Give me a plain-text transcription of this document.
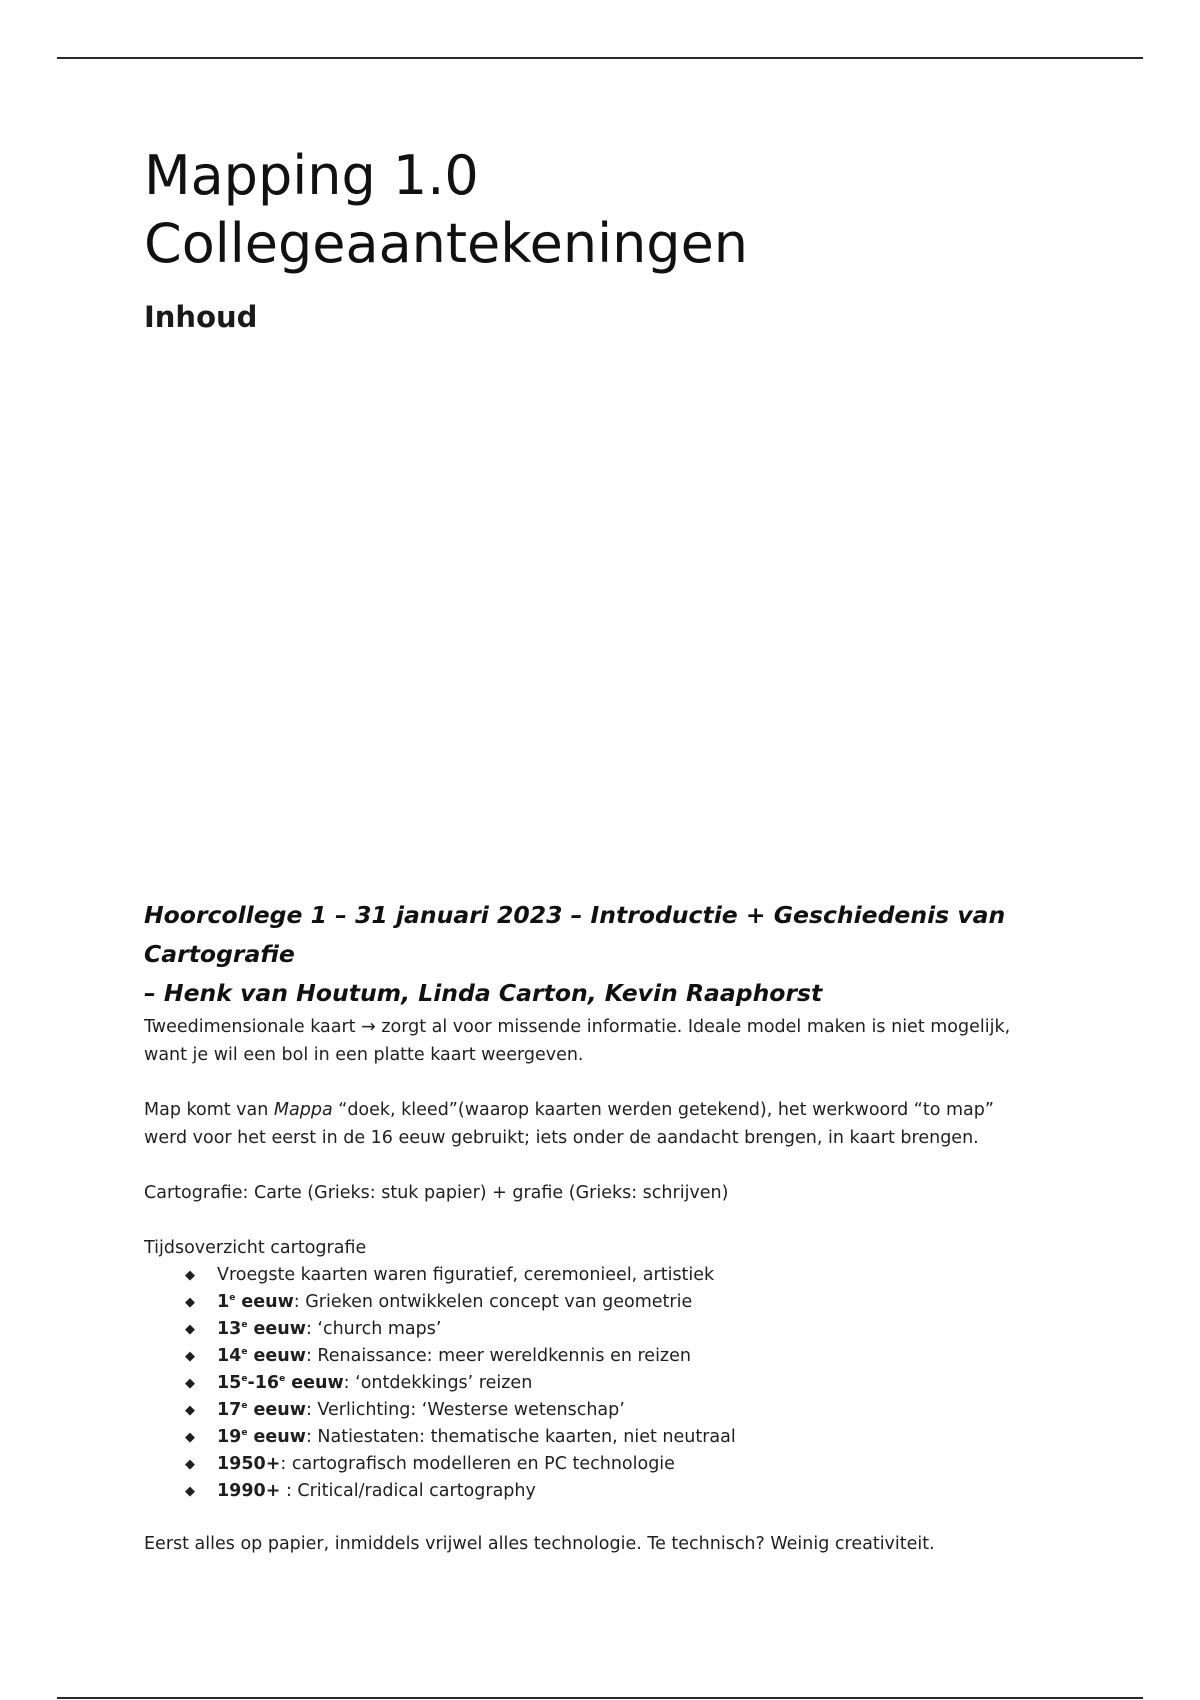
Mapping 1.0
Collegeaantekeningen
Inhoud
Hoorcollege 1 – 31 januari 2023 – Introductie + Geschiedenis van Cartografie
– Henk van Houtum, Linda Carton, Kevin Raaphorst

Tweedimensionale kaart → zorgt al voor missende informatie. Ideale model maken is niet mogelijk,
want je wil een bol in een platte kaart weergeven.

Map komt van Mappa “doek, kleed”(waarop kaarten werden getekend), het werkwoord “to map”
werd voor het eerst in de 16 eeuw gebruikt; iets onder de aandacht brengen, in kaart brengen.

Cartografie: Carte (Grieks: stuk papier) + grafie (Grieks: schrijven)

Tijdsoverzicht cartografie

◆ Vroegste kaarten waren figuratief, ceremonieel, artistiek
◆ 1e eeuw: Grieken ontwikkelen concept van geometrie
◆ 13e eeuw: ‘church maps’
◆ 14e eeuw: Renaissance: meer wereldkennis en reizen
◆ 15e-16e eeuw: ‘ontdekkings’ reizen
◆ 17e eeuw: Verlichting: ‘Westerse wetenschap’
◆ 19e eeuw: Natiestaten: thematische kaarten, niet neutraal
◆ 1950+: cartografisch modelleren en PC technologie
◆ 1990+ : Critical/radical cartography

Eerst alles op papier, inmiddels vrijwel alles technologie. Te technisch? Weinig creativiteit.
